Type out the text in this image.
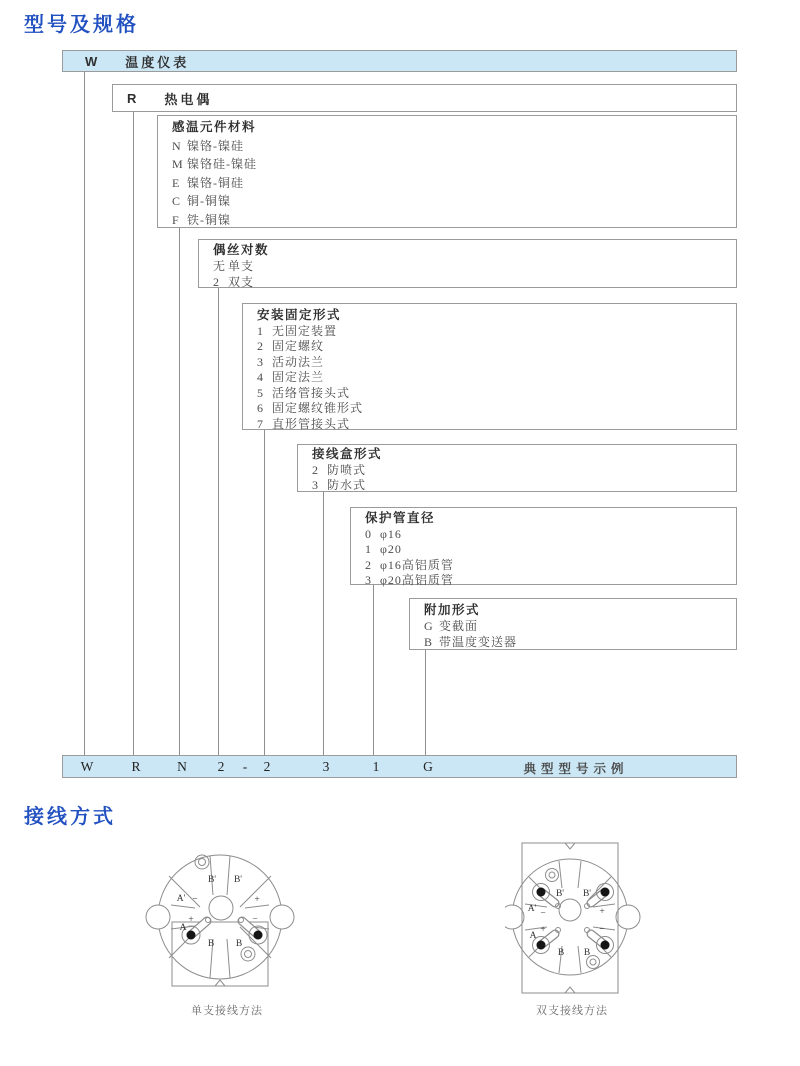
型号及规格
接线方式
W 温度仪表
R 热电偶
感温元件材料
N 镍铬-镍硅
M 镍铬硅-镍硅
E 镍铬-铜硅
C 铜-铜镍
F 铁-铜镍
偶丝对数
无 单支
2 双支
安装固定形式
1 无固定装置
2 固定螺纹
3 活动法兰
4 固定法兰
5 活络管接头式
6 固定螺纹锥形式
7 直形管接头式
接线盒形式
2 防喷式
3 防水式
保护管直径
0 φ16
1 φ20
2 φ16高铝质管
3 φ20高铝质管
附加形式
G 变截面
B 带温度变送器
W	R	N	2	-	2	3	1	G	典型型号示例
A' −
B' B'
+
+
A
−
B B
B' B'
A' −	+
+
A
−
B B
单支接线方法	双支接线方法
